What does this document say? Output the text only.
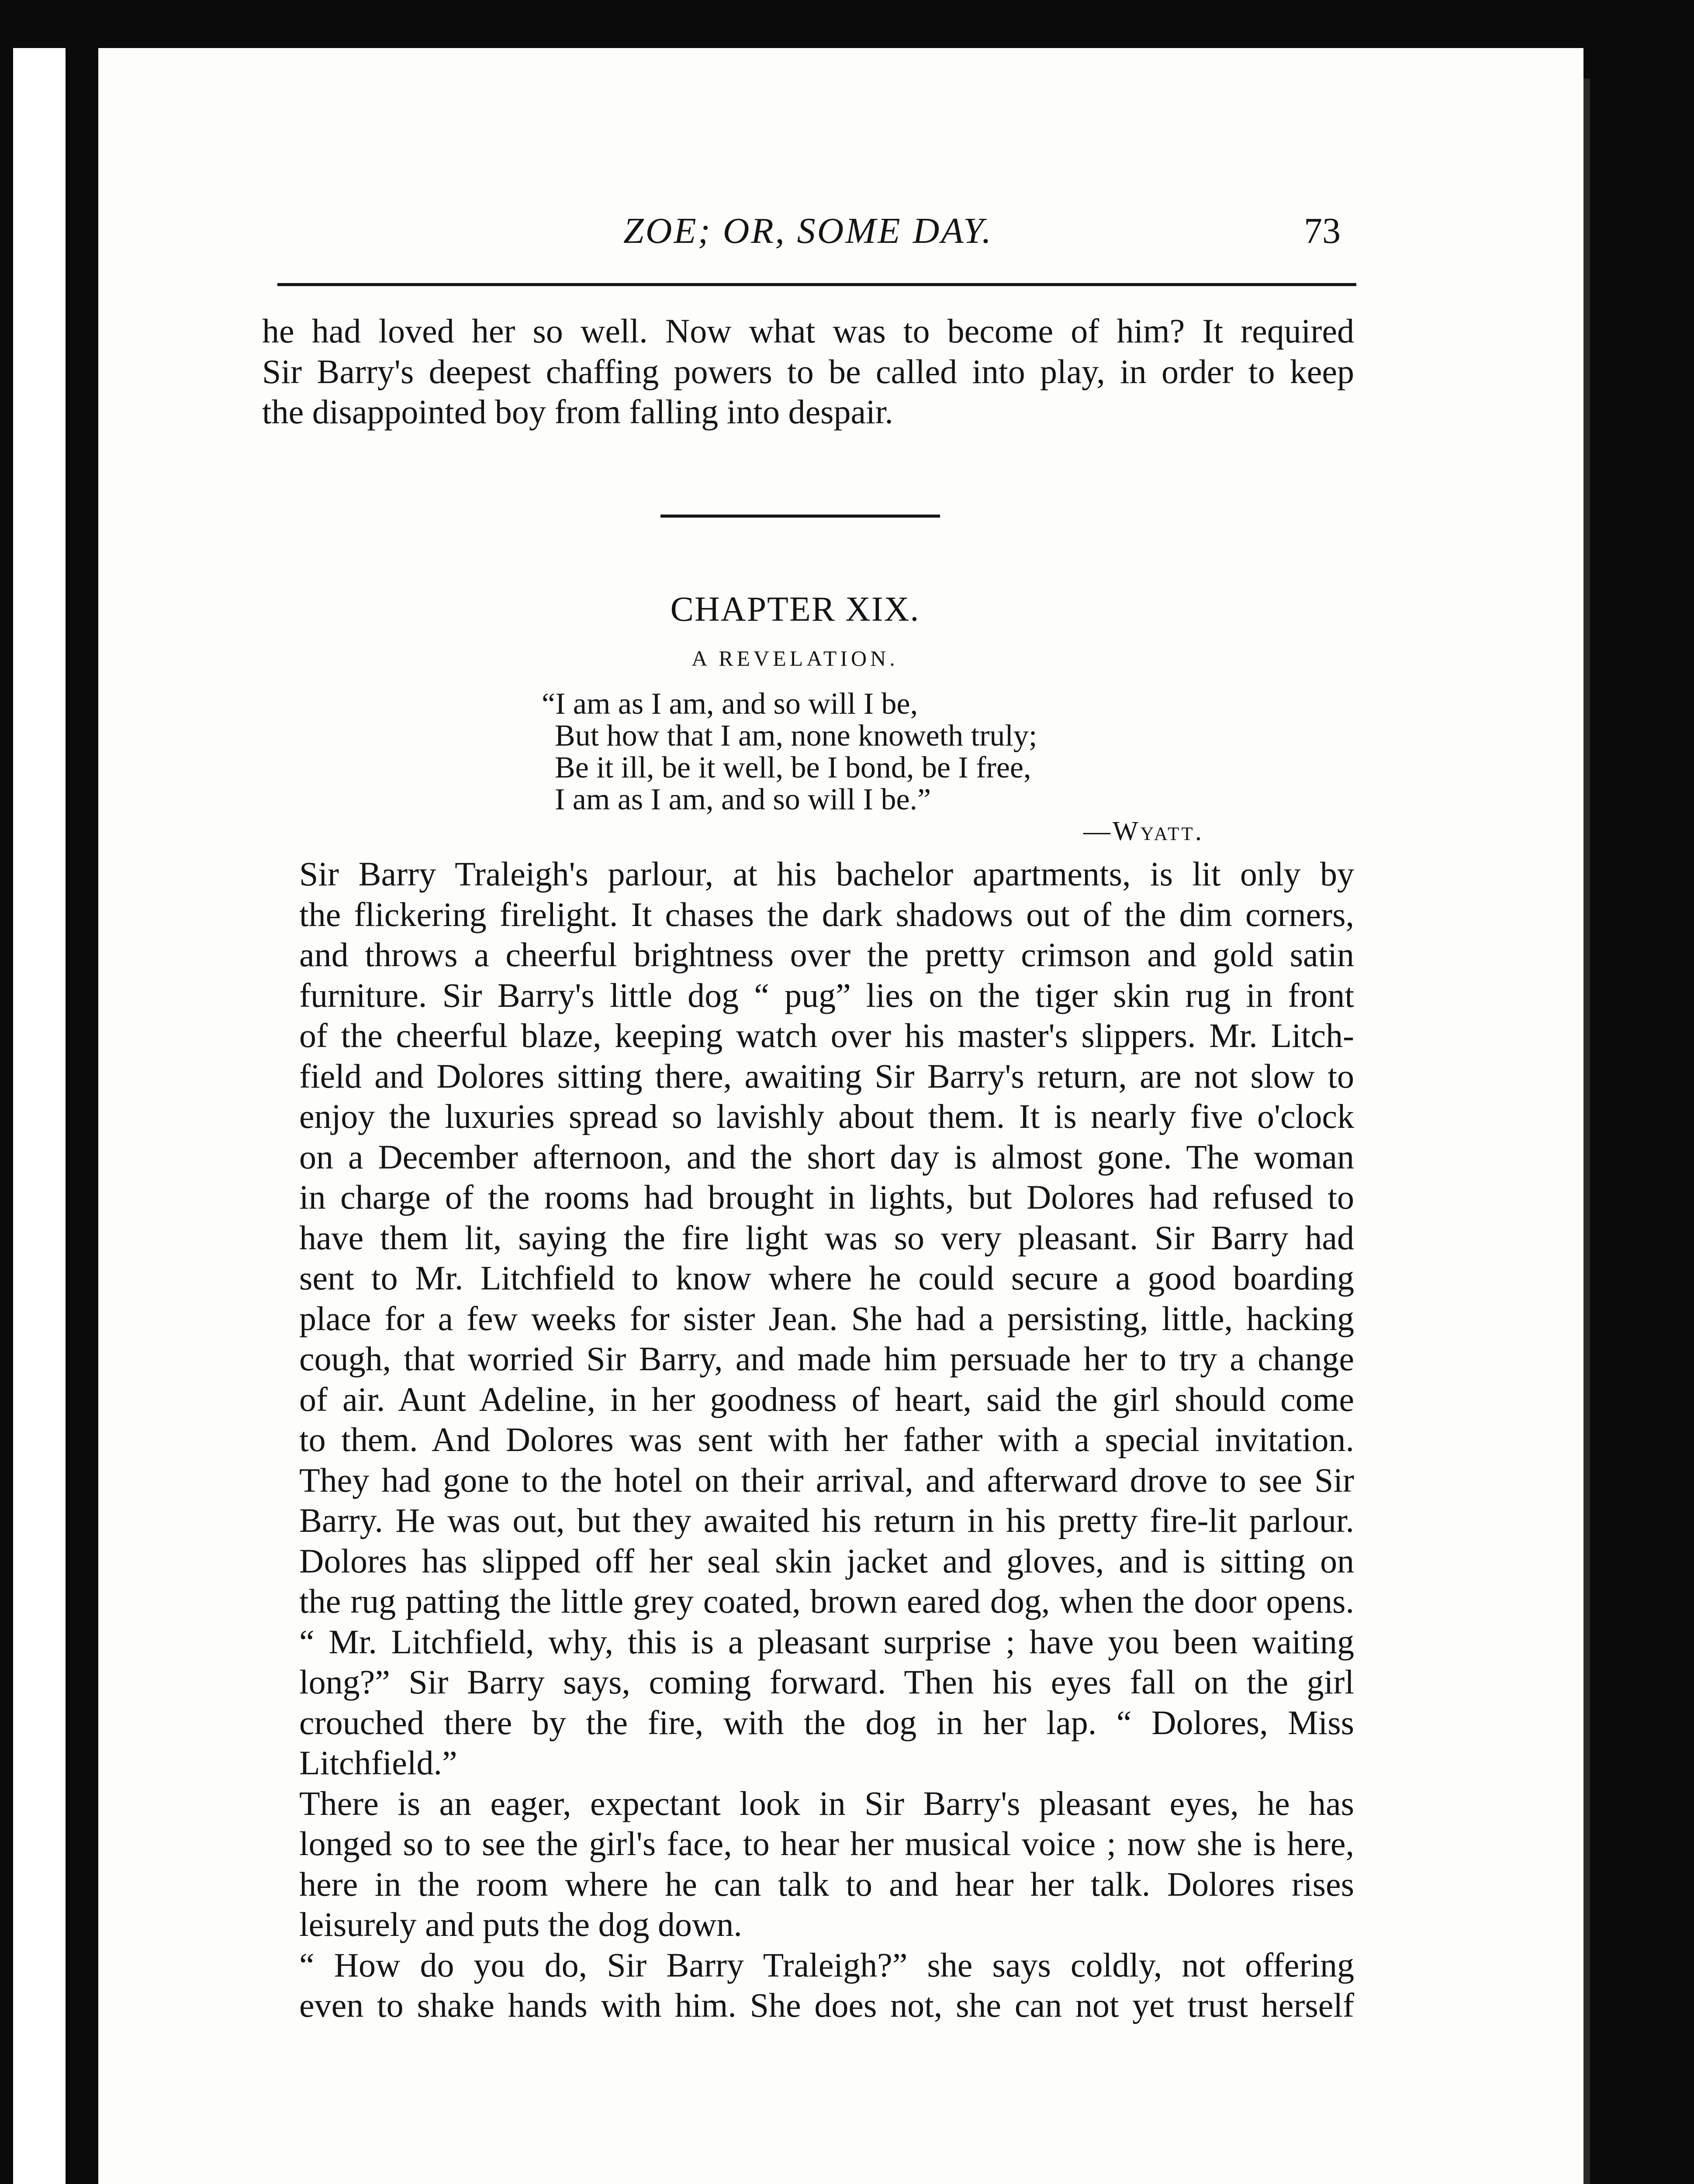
ZOE; OR, SOME DAY.	73
he had loved her so well. Now what was to become of him? It required
Sir Barry's deepest chaffing powers to be called into play, in order to keep
the disappointed boy from falling into despair.
CHAPTER XIX.
A REVELATION.
“I am as I am, and so will I be,
But how that I am, none knoweth truly;
Be it ill, be it well, be I bond, be I free,
I am as I am, and so will I be.”
—Wyatt.

Sir Barry Traleigh's parlour, at his bachelor apartments, is lit only by
the flickering firelight. It chases the dark shadows out of the dim corners,
and throws a cheerful brightness over the pretty crimson and gold satin
furniture. Sir Barry's little dog “ pug” lies on the tiger skin rug in front
of the cheerful blaze, keeping watch over his master's slippers. Mr. Litch-
field and Dolores sitting there, awaiting Sir Barry's return, are not slow to
enjoy the luxuries spread so lavishly about them. It is nearly five o'clock
on a December afternoon, and the short day is almost gone. The woman
in charge of the rooms had brought in lights, but Dolores had refused to
have them lit, saying the fire light was so very pleasant. Sir Barry had
sent to Mr. Litchfield to know where he could secure a good boarding
place for a few weeks for sister Jean. She had a persisting, little, hacking
cough, that worried Sir Barry, and made him persuade her to try a change
of air. Aunt Adeline, in her goodness of heart, said the girl should come
to them. And Dolores was sent with her father with a special invitation.
They had gone to the hotel on their arrival, and afterward drove to see Sir
Barry. He was out, but they awaited his return in his pretty fire-lit parlour.
Dolores has slipped off her seal skin jacket and gloves, and is sitting on
the rug patting the little grey coated, brown eared dog, when the door opens.

“ Mr. Litchfield, why, this is a pleasant surprise ; have you been waiting
long?” Sir Barry says, coming forward. Then his eyes fall on the girl
crouched there by the fire, with the dog in her lap. “ Dolores, Miss
Litchfield.”

There is an eager, expectant look in Sir Barry's pleasant eyes, he has
longed so to see the girl's face, to hear her musical voice ; now she is here,
here in the room where he can talk to and hear her talk. Dolores rises
leisurely and puts the dog down.

“ How do you do, Sir Barry Traleigh?” she says coldly, not offering
even to shake hands with him. She does not, she can not yet trust herself
